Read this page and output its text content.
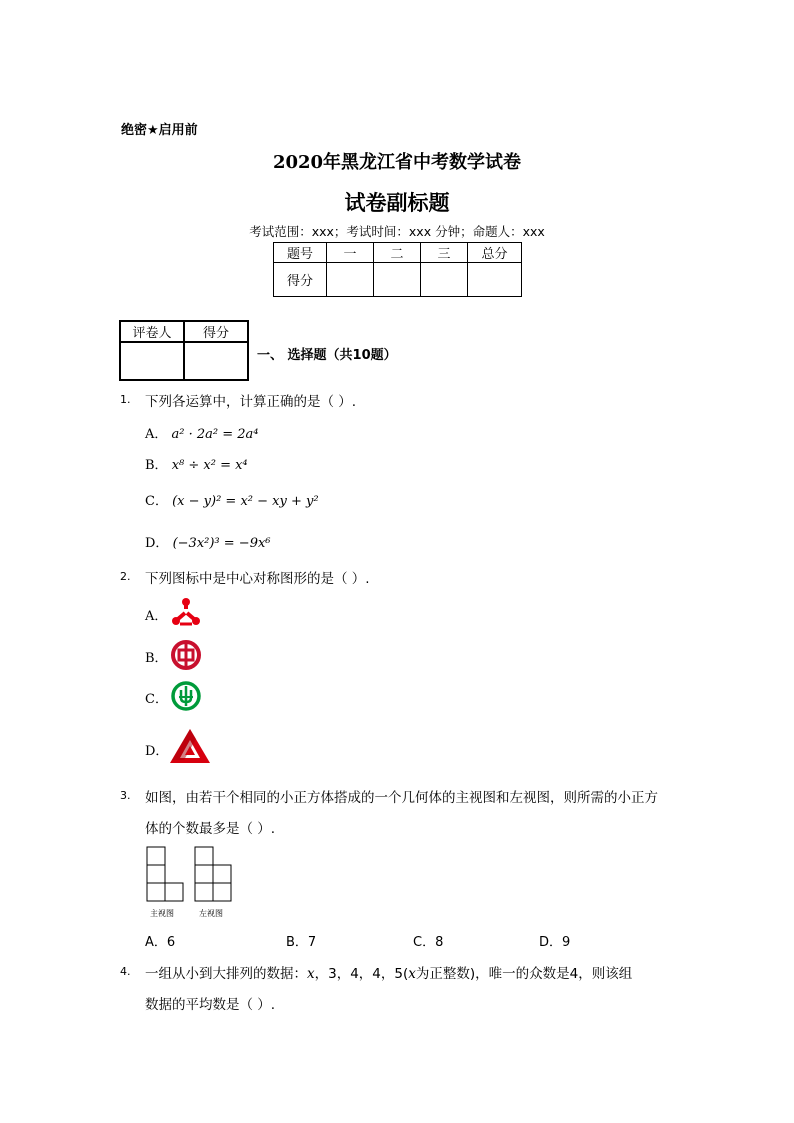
绝密★启用前
2020年黑龙江省中考数学试卷
试卷副标题
考试范围：xxx；考试时间：xxx 分钟；命题人：xxx
题号	一	二	三	总分
得分				
评卷人	得分

一、 选择题（共10题）
1. 下列各运算中，计算正确的是（ ）.
A． a² · 2a² = 2a⁴
B． x⁸ ÷ x² = x⁴
C． (x − y)² = x² − xy + y²
D． (−3x²)³ = −9x⁶
2. 下列图标中是中心对称图形的是（ ）.
A．
B．
C．
D．
3. 如图，由若干个相同的小正方体搭成的一个几何体的主视图和左视图，则所需的小正方
体的个数最多是（ ）.
主视图	左视图
A．6	B．7	C．8	D．9
4. 一组从小到大排列的数据：x，3，4，4，5(x为正整数)，唯一的众数是4，则该组
数据的平均数是（ ）.
